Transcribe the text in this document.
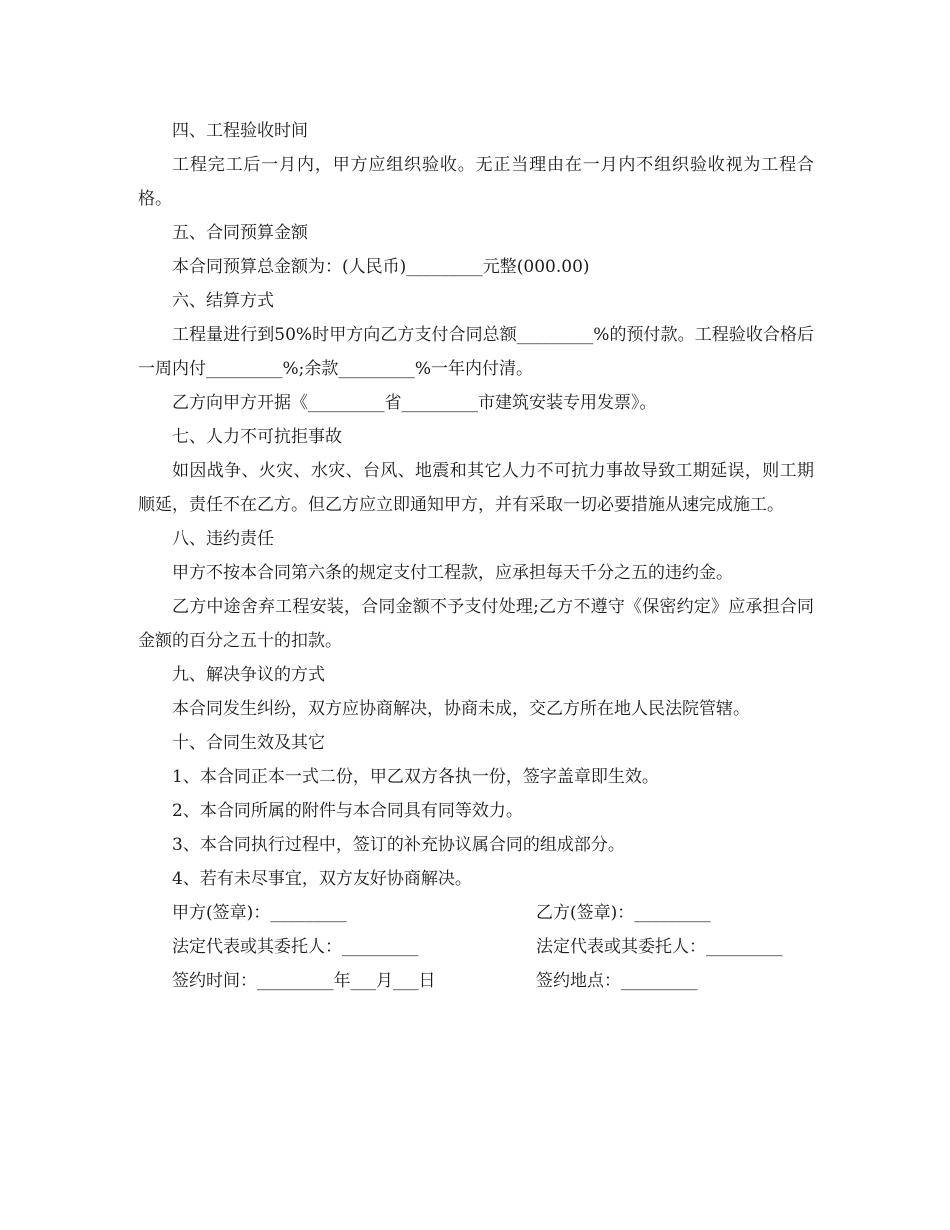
四、工程验收时间

工程完工后一月内，甲方应组织验收。无正当理由在一月内不组织验收视为工程合格。

五、合同预算金额

本合同预算总金额为：(人民币)_________元整(000.00)

六、结算方式

工程量进行到50%时甲方向乙方支付合同总额_________%的预付款。工程验收合格后一周内付_________%;余款_________%一年内付清。

乙方向甲方开据《_________省_________市建筑安装专用发票》。

七、人力不可抗拒事故

如因战争、火灾、水灾、台风、地震和其它人力不可抗力事故导致工期延误，则工期顺延，责任不在乙方。但乙方应立即通知甲方，并有采取一切必要措施从速完成施工。

八、违约责任

甲方不按本合同第六条的规定支付工程款，应承担每天千分之五的违约金。

乙方中途舍弃工程安装，合同金额不予支付处理;乙方不遵守《保密约定》应承担合同金额的百分之五十的扣款。

九、解决争议的方式

本合同发生纠纷，双方应协商解决，协商未成，交乙方所在地人民法院管辖。

十、合同生效及其它

1、本合同正本一式二份，甲乙双方各执一份，签字盖章即生效。

2、本合同所属的附件与本合同具有同等效力。

3、本合同执行过程中，签订的补充协议属合同的组成部分。

4、若有未尽事宜，双方友好协商解决。

甲方(签章)：_________	乙方(签章)：_________
法定代表或其委托人：_________	法定代表或其委托人：_________
签约时间：_________年___月___日	签约地点：_________
